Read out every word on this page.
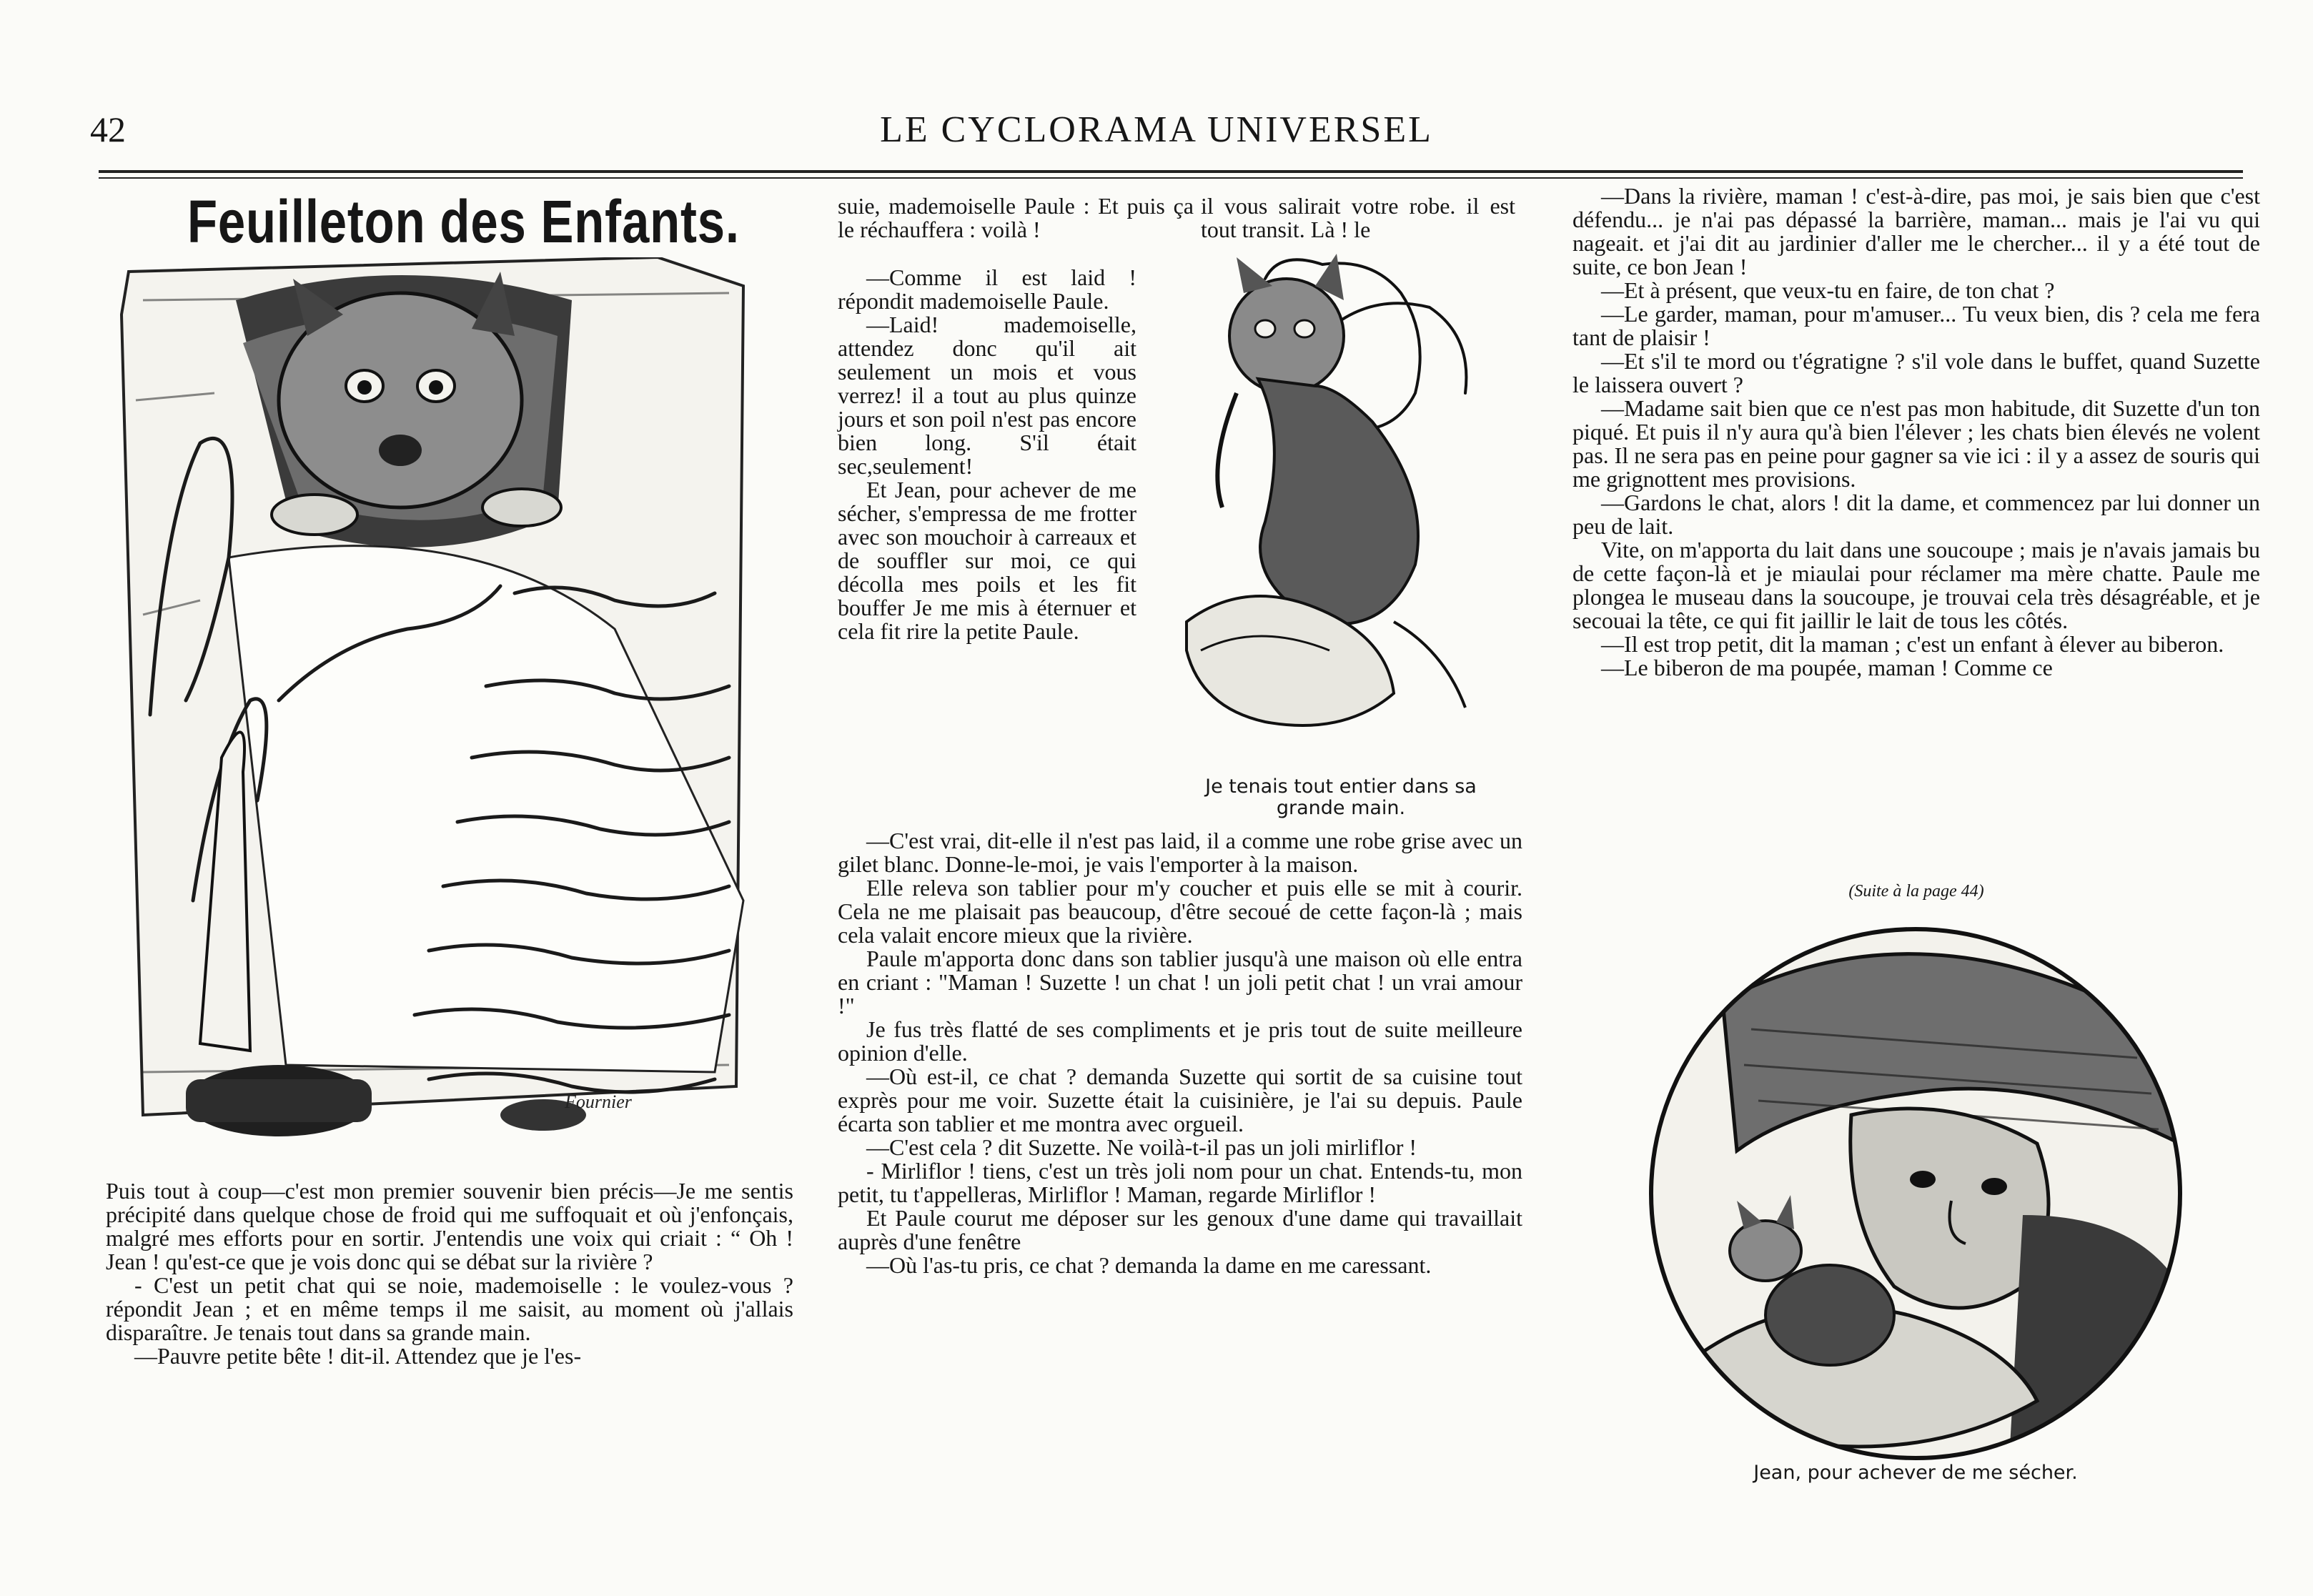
42	LE CYCLORAMA UNIVERSEL
Feuilleton des Enfants.
Fournier
Je tenais tout entier dans sa grande main.
Jean, pour achever de me sécher.

Puis tout à coup—c'est mon premier souvenir bien précis—Je me sentis précipité dans quelque chose de froid qui me suffoquait et où j'enfonçais, malgré mes efforts pour en sortir. J'entendis une voix qui criait : “ Oh ! Jean ! qu'est-ce que je vois donc qui se débat sur la rivière ?

- C'est un petit chat qui se noie, mademoiselle : le voulez-vous ? répondit Jean ; et en même temps il me saisit, au moment où j'allais disparaître. Je tenais tout dans sa grande main.

—Pauvre petite bête ! dit-il. Attendez que je l'es-

suie, mademoiselle Paule : Et puis ça le réchauffera : voilà !

il vous salirait votre robe. il est tout transit. Là ! le

—Comme il est laid ! répondit mademoiselle Paule.

—Laid! mademoiselle, attendez donc qu'il ait seulement un mois et vous verrez! il a tout au plus quinze jours et son poil n'est pas encore bien long. S'il était sec,seulement!

Et Jean, pour achever de me sécher, s'empressa de me frotter avec son mouchoir à carreaux et de souffler sur moi, ce qui décolla mes poils et les fit bouffer Je me mis à éternuer et cela fit rire la petite Paule.

—C'est vrai, dit-elle il n'est pas laid, il a comme une robe grise avec un gilet blanc. Donne-le-moi, je vais l'emporter à la maison.

Elle releva son tablier pour m'y coucher et puis elle se mit à courir. Cela ne me plaisait pas beaucoup, d'être secoué de cette façon-là ; mais cela valait encore mieux que la rivière.

Paule m'apporta donc dans son tablier jusqu'à une maison où elle entra en criant : "Maman ! Suzette ! un chat ! un joli petit chat ! un vrai amour !"

Je fus très flatté de ses compliments et je pris tout de suite meilleure opinion d'elle.

—Où est-il, ce chat ? demanda Suzette qui sortit de sa cuisine tout exprès pour me voir. Suzette était la cuisinière, je l'ai su depuis. Paule écarta son tablier et me montra avec orgueil.

—C'est cela ? dit Suzette. Ne voilà-t-il pas un joli mirliflor !

- Mirliflor ! tiens, c'est un très joli nom pour un chat. Entends-tu, mon petit, tu t'appelleras, Mirliflor ! Maman, regarde Mirliflor !

Et Paule courut me déposer sur les genoux d'une dame qui travaillait auprès d'une fenêtre

—Où l'as-tu pris, ce chat ? demanda la dame en me caressant.

—Dans la rivière, maman ! c'est-à-dire, pas moi, je sais bien que c'est défendu... je n'ai pas dépassé la barrière, maman... mais je l'ai vu qui nageait. et j'ai dit au jardinier d'aller me le chercher... il y a été tout de suite, ce bon Jean !

—Et à présent, que veux-tu en faire, de ton chat ?

—Le garder, maman, pour m'amuser... Tu veux bien, dis ? cela me fera tant de plaisir !

—Et s'il te mord ou t'égratigne ? s'il vole dans le buffet, quand Suzette le laissera ouvert ?

—Madame sait bien que ce n'est pas mon habitude, dit Suzette d'un ton piqué. Et puis il n'y aura qu'à bien l'élever ; les chats bien élevés ne volent pas. Il ne sera pas en peine pour gagner sa vie ici : il y a assez de souris qui me grignottent mes provisions.

—Gardons le chat, alors ! dit la dame, et commencez par lui donner un peu de lait.

Vite, on m'apporta du lait dans une soucoupe ; mais je n'avais jamais bu de cette façon-là et je miaulai pour réclamer ma mère chatte. Paule me plongea le museau dans la soucoupe, je trouvai cela très désagréable, et je secouai la tête, ce qui fit jaillir le lait de tous les côtés.

—Il est trop petit, dit la maman ; c'est un enfant à élever au biberon.

—Le biberon de ma poupée, maman ! Comme ce

(Suite à la page 44)
